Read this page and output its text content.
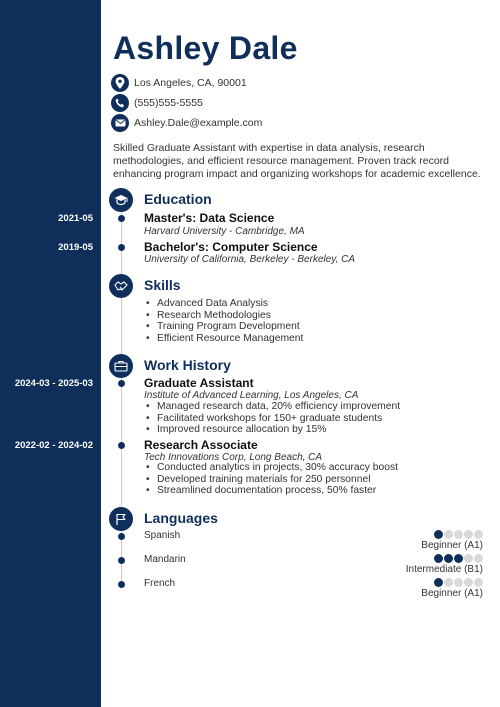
Ashley Dale
Los Angeles, CA, 90001
(555)555-5555
Ashley.Dale@example.com
Skilled Graduate Assistant with expertise in data analysis, research methodologies, and efficient resource management. Proven track record enhancing program impact and organizing workshops for academic excellence.
Education
2021-05	Master's: Data Science
Harvard University - Cambridge, MA
2019-05	Bachelor's: Computer Science
University of California, Berkeley - Berkeley, CA
Skills
• Advanced Data Analysis
• Research Methodologies
• Training Program Development
• Efficient Resource Management
Work History
2024-03 - 2025-03	Graduate Assistant
Institute of Advanced Learning, Los Angeles, CA
• Managed research data, 20% efficiency improvement
• Facilitated workshops for 150+ graduate students
• Improved resource allocation by 15%
2022-02 - 2024-02	Research Associate
Tech Innovations Corp, Long Beach, CA
• Conducted analytics in projects, 30% accuracy boost
• Developed training materials for 250 personnel
• Streamlined documentation process, 50% faster
Languages
Spanish
Beginner (A1)
Mandarin
Intermediate (B1)
French
Beginner (A1)
